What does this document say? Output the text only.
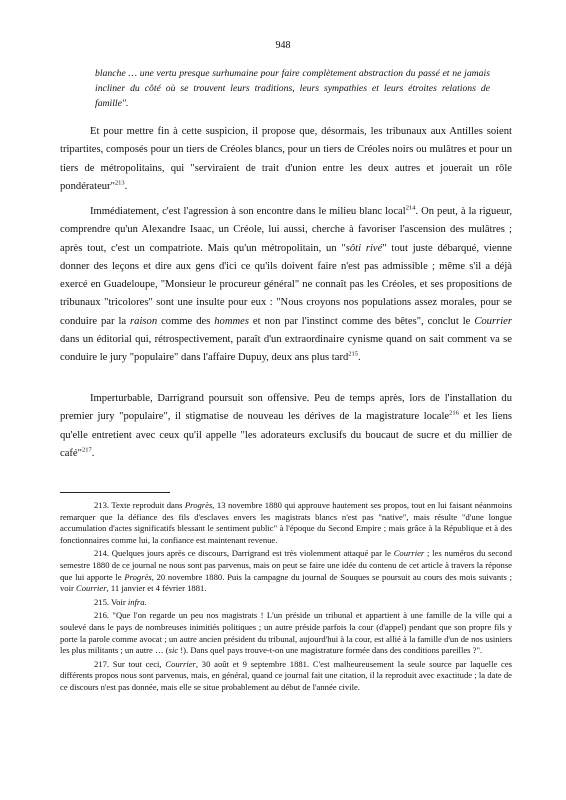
948

blanche … une vertu presque surhumaine pour faire complètement abstraction du passé et ne jamais incliner du côté où se trouvent leurs traditions, leurs sympathies et leurs étroites relations de famille".

Et pour mettre fin à cette suspicion, il propose que, désormais, les tribunaux aux Antilles soient tripartites, composés pour un tiers de Créoles blancs, pour un tiers de Créoles noirs ou mulâtres et pour un tiers de métropolitains, qui "serviraient de trait d'union entre les deux autres et jouerait un rôle pondérateur"$^{213}$.

Immédiatement, c'est l'agression à son encontre dans le milieu blanc local$^{214}$. On peut, à la rigueur, comprendre qu'un Alexandre Isaac, un Créole, lui aussi, cherche à favoriser l'ascension des mulâtres ; après tout, c'est un compatriote. Mais qu'un métropolitain, un "sôti rivé" tout juste débarqué, vienne donner des leçons et dire aux gens d'ici ce qu'ils doivent faire n'est pas admissible ; même s'il a déjà exercé en Guadeloupe, "Monsieur le procureur général" ne connaît pas les Créoles, et ses propositions de tribunaux "tricolores" sont une insulte pour eux : "Nous croyons nos populations assez morales, pour se conduire par la raison comme des hommes et non par l'instinct comme des bêtes", conclut le Courrier dans un éditorial qui, rétrospectivement, paraît d'un extraordinaire cynisme quand on sait comment va se conduire le jury "populaire" dans l'affaire Dupuy, deux ans plus tard$^{215}$.

Imperturbable, Darrigrand poursuit son offensive. Peu de temps après, lors de l'installation du premier jury "populaire", il stigmatise de nouveau les dérives de la magistrature locale$^{216}$ et les liens qu'elle entretient avec ceux qu'il appelle "les adorateurs exclusifs du boucaut de sucre et du millier de café"$^{217}$.

213. Texte reproduit dans Progrès, 13 novembre 1880 qui approuve hautement ses propos, tout en lui faisant néanmoins remarquer que la défiance des fils d'esclaves envers les magistrats blancs n'est pas "native", mais résulte "d'une longue accumulation d'actes significatifs blessant le sentiment public" à l'époque du Second Empire ; mais grâce à la République et à des fonctionnaires comme lui, la confiance est maintenant revenue.

214. Quelques jours après ce discours, Darrigrand est très violemment attaqué par le Courrier ; les numéros du second semestre 1880 de ce journal ne nous sont pas parvenus, mais on peut se faire une idée du contenu de cet article à travers la réponse que lui apporte le Progrès, 20 novembre 1880. Puis la campagne du journal de Souques se poursuit au cours des mois suivants ; voir Courrier, 11 janvier et 4 février 1881.

215. Voir infra.

216. "Que l'on regarde un peu nos magistrats ! L'un préside un tribunal et appartient à une famille de la ville qui a soulevé dans le pays de nombreuses inimitiés politiques ; un autre préside parfois la cour (d'appel) pendant que son propre fils y porte la parole comme avocat ; un autre ancien président du tribunal, aujourd'hui à la cour, est allié à la famille d'un de nos usiniers les plus militants ; un autre … (sic !). Dans quel pays trouve-t-on une magistrature formée dans des conditions pareilles ?".

217. Sur tout ceci, Courrier, 30 août et 9 septembre 1881. C'est malheureusement la seule source par laquelle ces différents propos nous sont parvenus, mais, en général, quand ce journal fait une citation, il la reproduit avec exactitude ; la date de ce discours n'est pas donnée, mais elle se situe probablement au début de l'année civile.
